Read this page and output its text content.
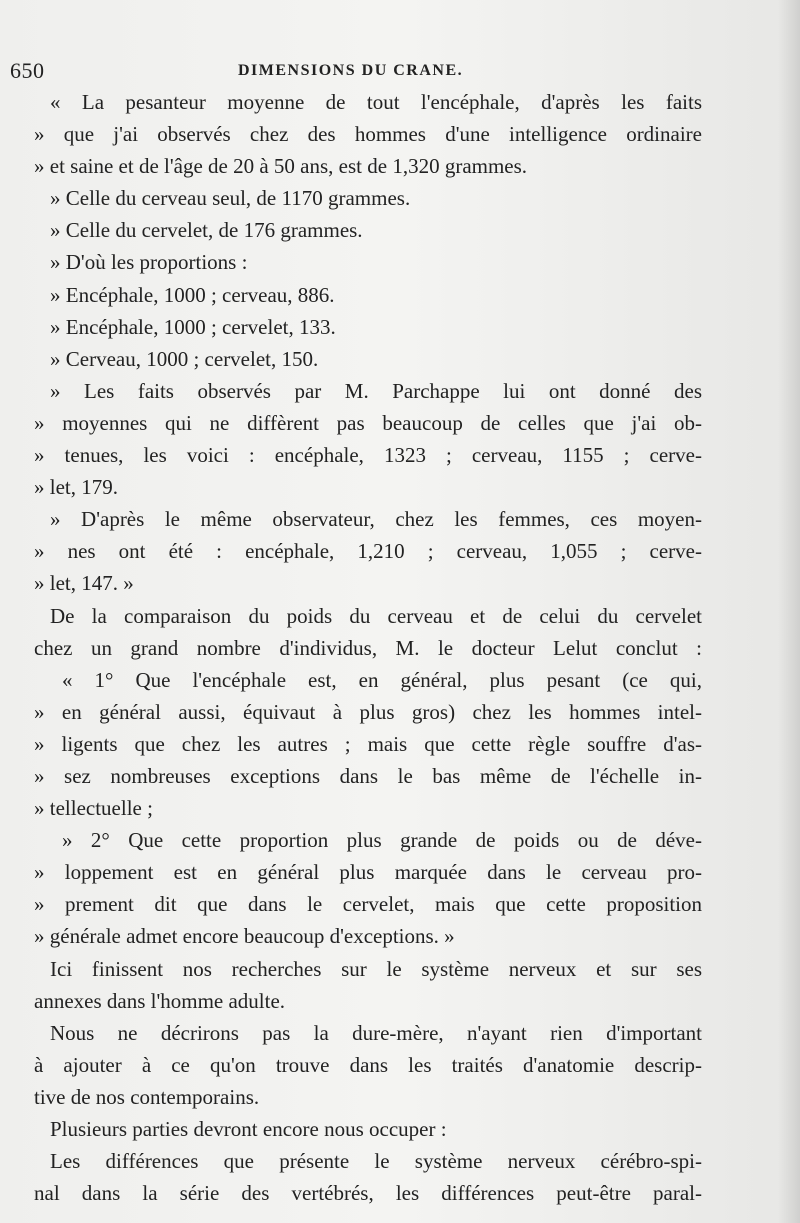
650	DIMENSIONS DU CRANE.
« La pesanteur moyenne de tout l'encéphale, d'après les faits
» que j'ai observés chez des hommes d'une intelligence ordinaire
» et saine et de l'âge de 20 à 50 ans, est de 1,320 grammes.
» Celle du cerveau seul, de 1170 grammes.
» Celle du cervelet, de 176 grammes.
» D'où les proportions :
» Encéphale, 1000 ; cerveau, 886.
» Encéphale, 1000 ; cervelet, 133.
» Cerveau, 1000 ; cervelet, 150.
» Les faits observés par M. Parchappe lui ont donné des
» moyennes qui ne diffèrent pas beaucoup de celles que j'ai ob-
» tenues, les voici : encéphale, 1323 ; cerveau, 1155 ; cerve-
» let, 179.
» D'après le même observateur, chez les femmes, ces moyen-
» nes ont été : encéphale, 1,210 ; cerveau, 1,055 ; cerve-
» let, 147. »
De la comparaison du poids du cerveau et de celui du cervelet
chez un grand nombre d'individus, M. le docteur Lelut conclut :
« 1° Que l'encéphale est, en général, plus pesant (ce qui,
» en général aussi, équivaut à plus gros) chez les hommes intel-
» ligents que chez les autres ; mais que cette règle souffre d'as-
» sez nombreuses exceptions dans le bas même de l'échelle in-
» tellectuelle ;
» 2° Que cette proportion plus grande de poids ou de déve-
» loppement est en général plus marquée dans le cerveau pro-
» prement dit que dans le cervelet, mais que cette proposition
» générale admet encore beaucoup d'exceptions. »
Ici finissent nos recherches sur le système nerveux et sur ses
annexes dans l'homme adulte.
Nous ne décrirons pas la dure-mère, n'ayant rien d'important
à ajouter à ce qu'on trouve dans les traités d'anatomie descrip-
tive de nos contemporains.
Plusieurs parties devront encore nous occuper :
Les différences que présente le système nerveux cérébro-spi-
nal dans la série des vertébrés, les différences peut-être paral-
